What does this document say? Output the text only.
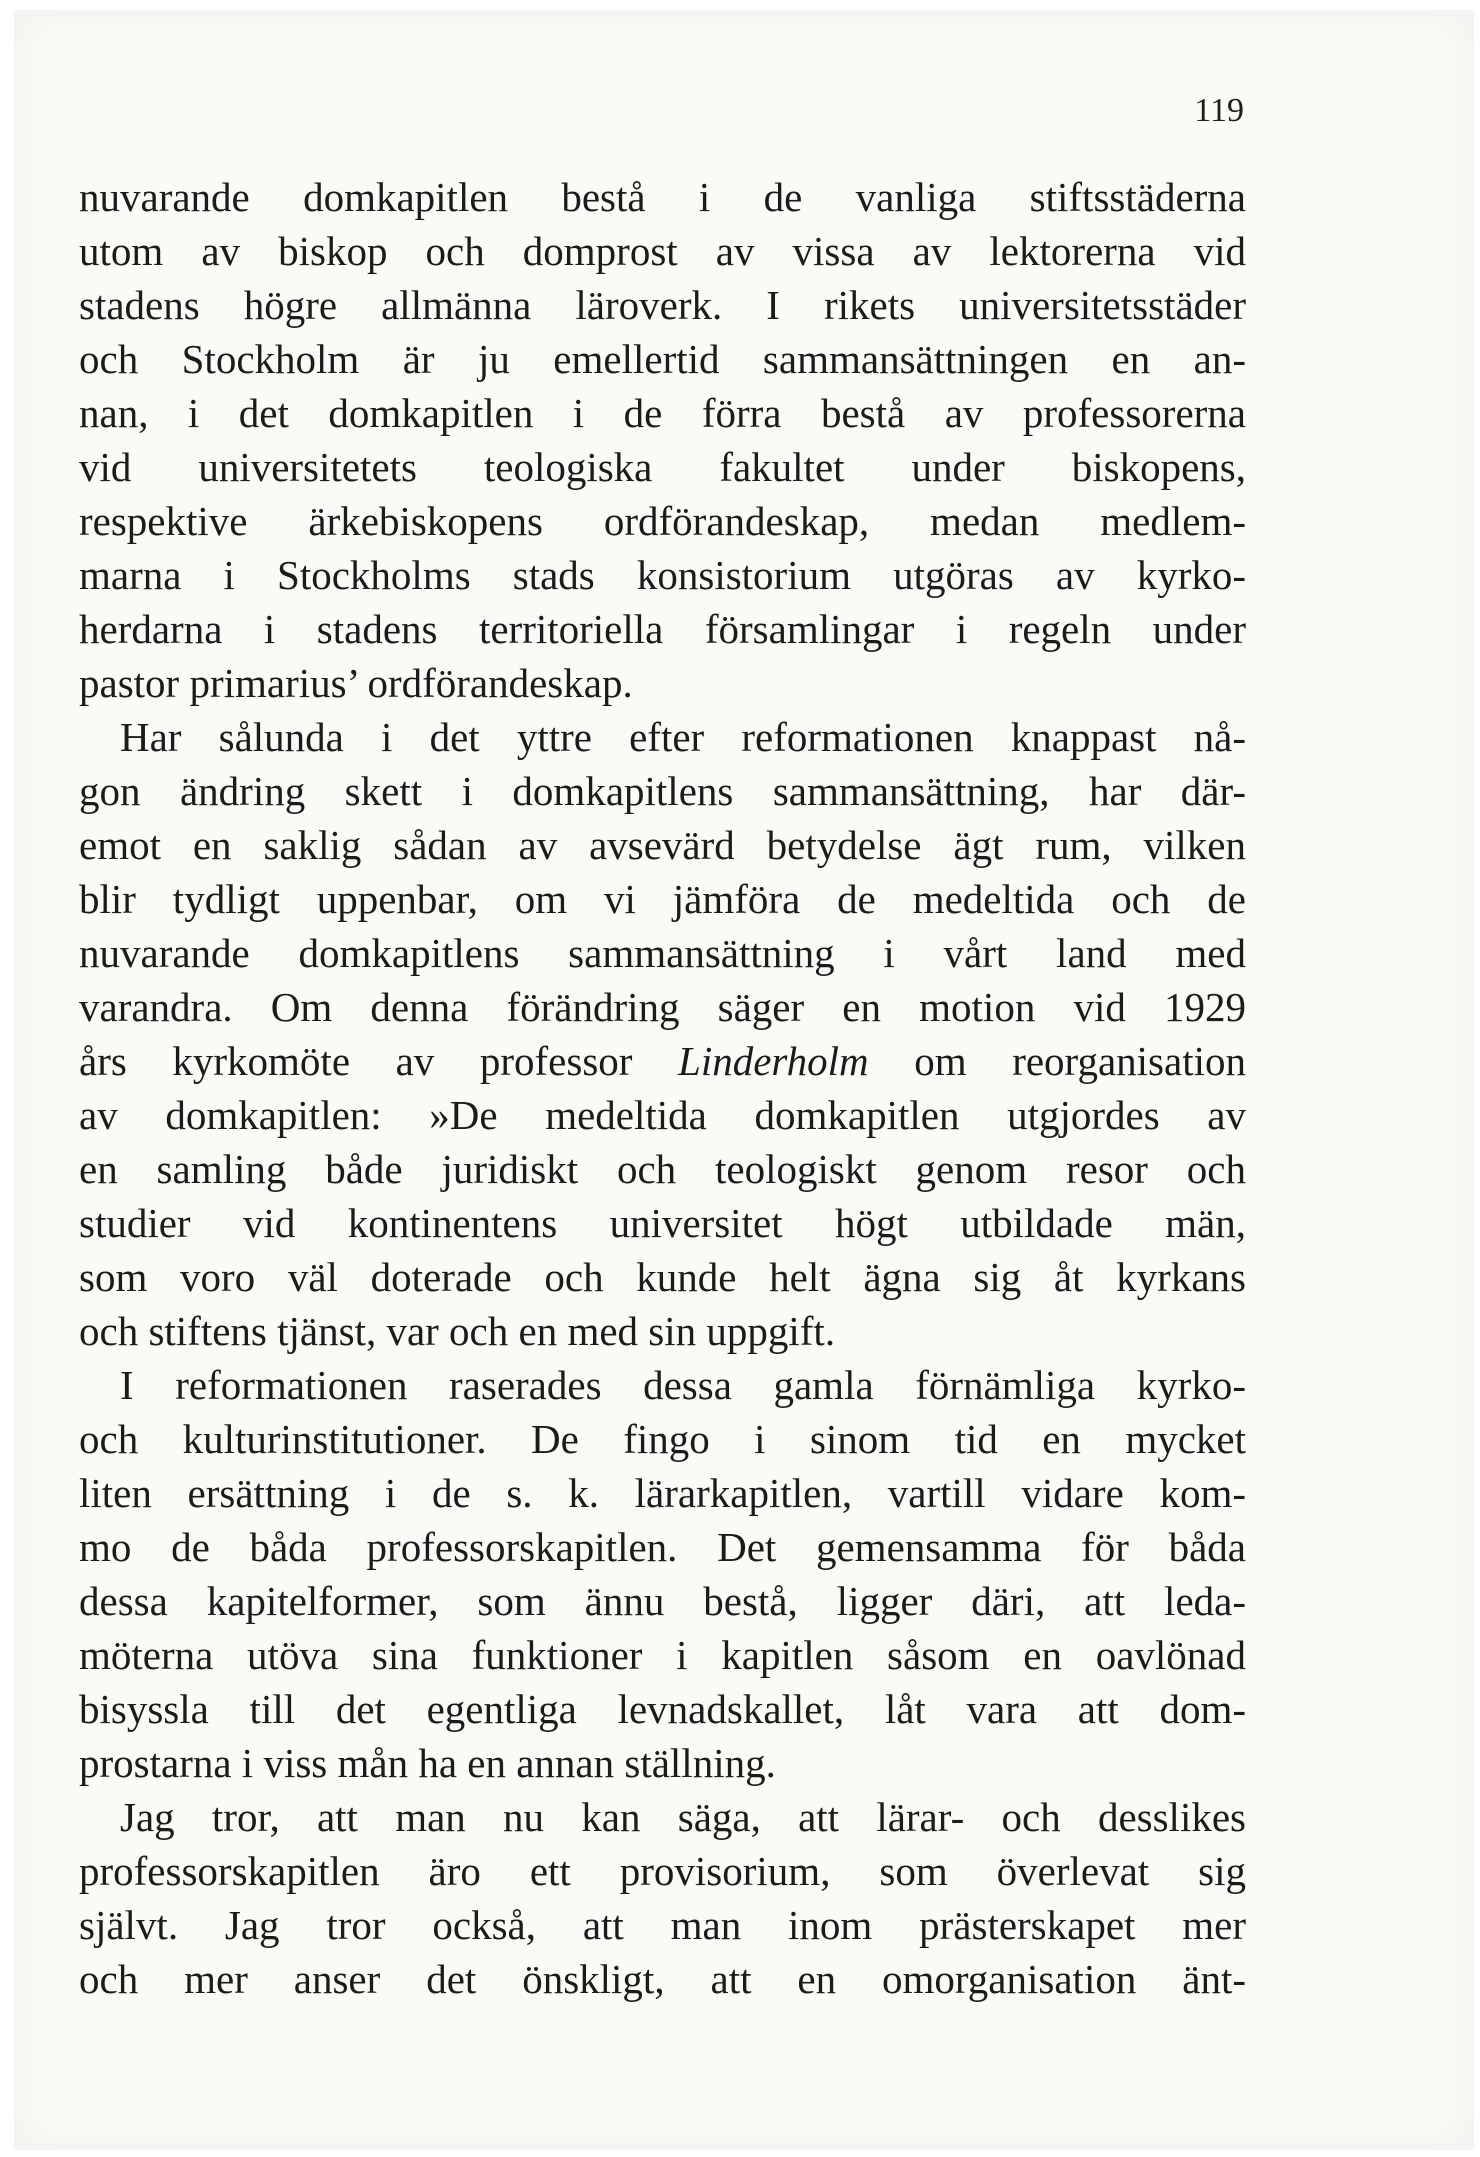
119
nuvarande domkapitlen bestå i de vanliga stiftsstäderna
utom av biskop och domprost av vissa av lektorerna vid
stadens högre allmänna läroverk. I rikets universitetsstäder
och Stockholm är ju emellertid sammansättningen en an-
nan, i det domkapitlen i de förra bestå av professorerna
vid universitetets teologiska fakultet under biskopens,
respektive ärkebiskopens ordförandeskap, medan medlem-
marna i Stockholms stads konsistorium utgöras av kyrko-
herdarna i stadens territoriella församlingar i regeln under
pastor primarius’ ordförandeskap.
Har sålunda i det yttre efter reformationen knappast nå-
gon ändring skett i domkapitlens sammansättning, har där-
emot en saklig sådan av avsevärd betydelse ägt rum, vilken
blir tydligt uppenbar, om vi jämföra de medeltida och de
nuvarande domkapitlens sammansättning i vårt land med
varandra. Om denna förändring säger en motion vid 1929
års kyrkomöte av professor Linderholm om reorganisation
av domkapitlen: »De medeltida domkapitlen utgjordes av
en samling både juridiskt och teologiskt genom resor och
studier vid kontinentens universitet högt utbildade män,
som voro väl doterade och kunde helt ägna sig åt kyrkans
och stiftens tjänst, var och en med sin uppgift.
I reformationen raserades dessa gamla förnämliga kyrko-
och kulturinstitutioner. De fingo i sinom tid en mycket
liten ersättning i de s. k. lärarkapitlen, vartill vidare kom-
mo de båda professorskapitlen. Det gemensamma för båda
dessa kapitelformer, som ännu bestå, ligger däri, att leda-
möterna utöva sina funktioner i kapitlen såsom en oavlönad
bisyssla till det egentliga levnadskallet, låt vara att dom-
prostarna i viss mån ha en annan ställning.
Jag tror, att man nu kan säga, att lärar- och desslikes
professorskapitlen äro ett provisorium, som överlevat sig
självt. Jag tror också, att man inom prästerskapet mer
och mer anser det önskligt, att en omorganisation änt-
